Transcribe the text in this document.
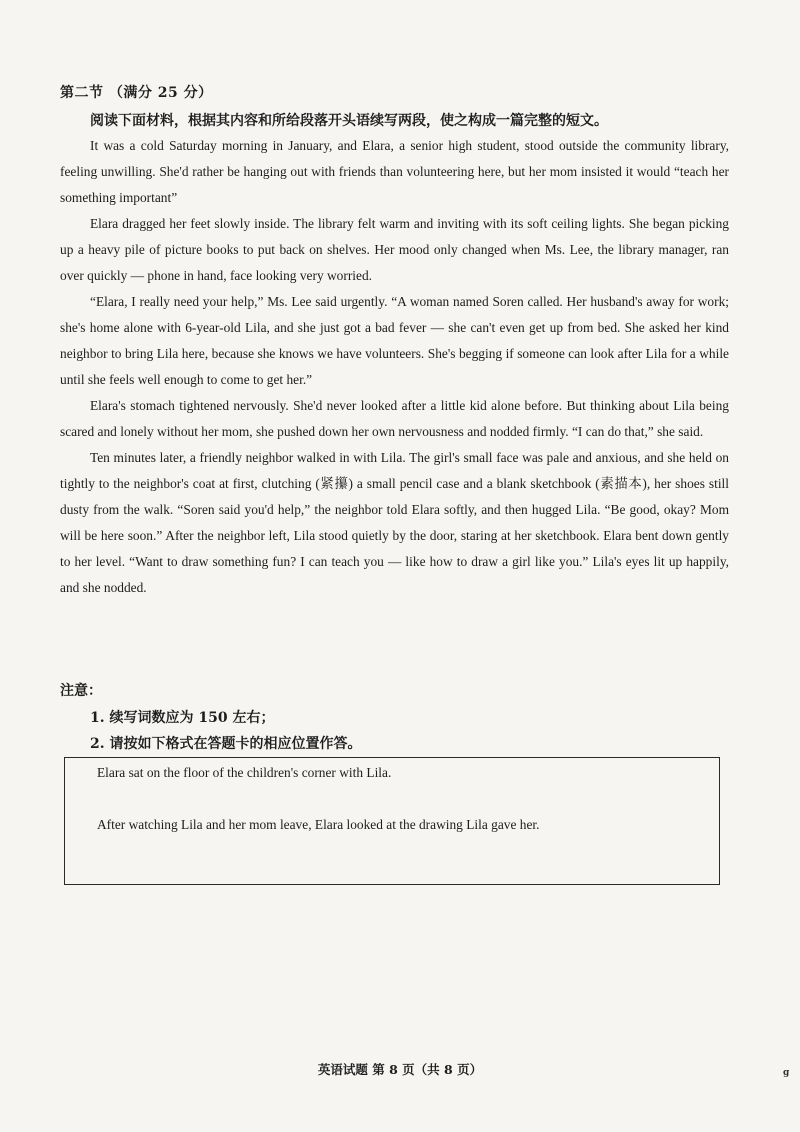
第二节 （满分 25 分）

阅读下面材料，根据其内容和所给段落开头语续写两段，使之构成一篇完整的短文。

It was a cold Saturday morning in January, and Elara, a senior high student, stood outside the community library, feeling unwilling. She'd rather be hanging out with friends than volunteering here, but her mom insisted it would “teach her something important”

Elara dragged her feet slowly inside. The library felt warm and inviting with its soft ceiling lights. She began picking up a heavy pile of picture books to put back on shelves. Her mood only changed when Ms. Lee, the library manager, ran over quickly — phone in hand, face looking very worried.

“Elara, I really need your help,” Ms. Lee said urgently. “A woman named Soren called. Her husband's away for work; she's home alone with 6-year-old Lila, and she just got a bad fever — she can't even get up from bed. She asked her kind neighbor to bring Lila here, because she knows we have volunteers. She's begging if someone can look after Lila for a while until she feels well enough to come to get her.”

Elara's stomach tightened nervously. She'd never looked after a little kid alone before. But thinking about Lila being scared and lonely without her mom, she pushed down her own nervousness and nodded firmly. “I can do that,” she said.

Ten minutes later, a friendly neighbor walked in with Lila. The girl's small face was pale and anxious, and she held on tightly to the neighbor's coat at first, clutching (紧攥) a small pencil case and a blank sketchbook (素描本), her shoes still dusty from the walk. “Soren said you'd help,” the neighbor told Elara softly, and then hugged Lila. “Be good, okay? Mom will be here soon.” After the neighbor left, Lila stood quietly by the door, staring at her sketchbook. Elara bent down gently to her level. “Want to draw something fun? I can teach you — like how to draw a girl like you.” Lila's eyes lit up happily, and she nodded.

注意：

1. 续写词数应为 150 左右；
2. 请按如下格式在答题卡的相应位置作答。

Elara sat on the floor of the children's corner with Lila.

After watching Lila and her mom leave, Elara looked at the drawing Lila gave her.

英语试题 第 8 页（共 8 页）	g
